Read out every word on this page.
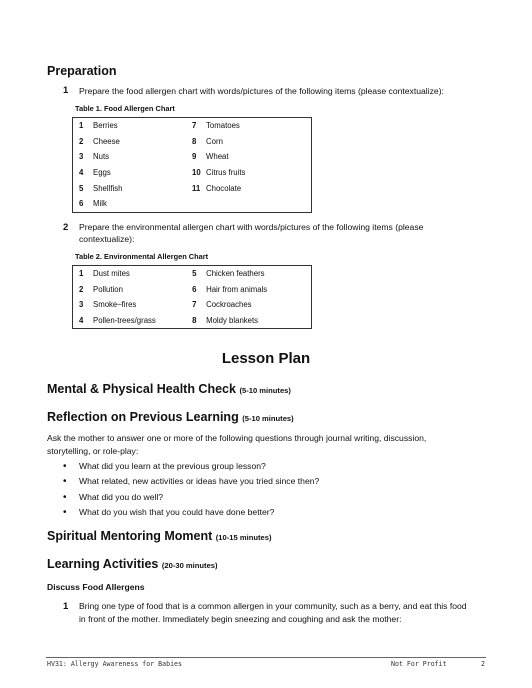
Preparation
1 Prepare the food allergen chart with words/pictures of the following items (please contextualize):
Table 1. Food Allergen Chart
1 Berries	7 Tomatoes
2 Cheese	8 Corn
3 Nuts	9 Wheat
4 Eggs	10 Citrus fruits
5 Shellfish	11 Chocolate
6 Milk	
2 Prepare the environmental allergen chart with words/pictures of the following items (please
contextualize):
Table 2. Environmental Allergen Chart
1 Dust mites	5 Chicken feathers
2 Pollution	6 Hair from animals
3 Smoke–fires	7 Cockroaches
4 Pollen-trees/grass	8 Moldy blankets
Lesson Plan
Mental & Physical Health Check (5-10 minutes)
Reflection on Previous Learning (5-10 minutes)
Ask the mother to answer one or more of the following questions through journal writing, discussion,
storytelling, or role-play:
• What did you learn at the previous group lesson?
• What related, new activities or ideas have you tried since then?
• What did you do well?
• What do you wish that you could have done better?
Spiritual Mentoring Moment (10-15 minutes)
Learning Activities (20-30 minutes)
Discuss Food Allergens
1 Bring one type of food that is a common allergen in your community, such as a berry, and eat this food
in front of the mother. Immediately begin sneezing and coughing and ask the mother:
HV31: Allergy Awareness for Babies	Not For Profit	2
